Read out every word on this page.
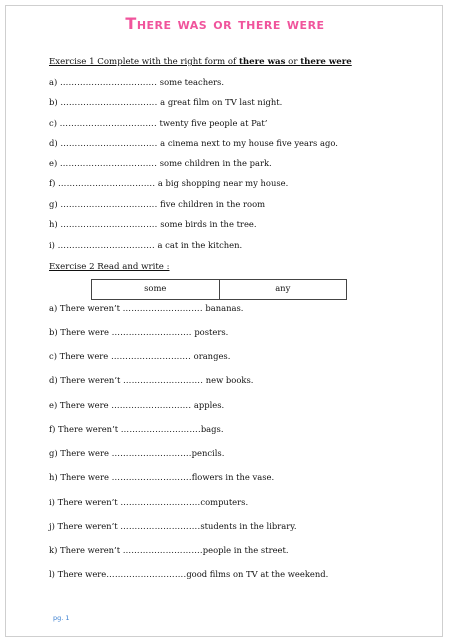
There was or there were
Exercise 1 Complete with the right form of there was or there were
a) ……………………………. some teachers.
b) ……………………………. a great film on TV last night.
c) ……………………………. twenty five people at Pat’
d) ……………………………. a cinema next to my house five years ago.
e) ……………………………. some children in the park.
f) ……………………………. a big shopping near my house.
g) ……………………………. five children in the room
h) ……………………………. some birds in the tree.
i) ……………………………. a cat in the kitchen.
Exercise 2 Read and write :
some	any
a) There weren’t ………………………. bananas.
b) There were ………………………. posters.
c) There were ………………………. oranges.
d) There weren’t ………………………. new books.
e) There were ………………………. apples.
f) There weren’t ……………………….bags.
g) There were ……………………….pencils.
h) There were ……………………….flowers in the vase.
i) There weren’t ……………………….computers.
j) There weren’t ……………………….students in the library.
k) There weren’t ……………………….people in the street.
l) There were……………………….good films on TV at the weekend.
pg. 1
